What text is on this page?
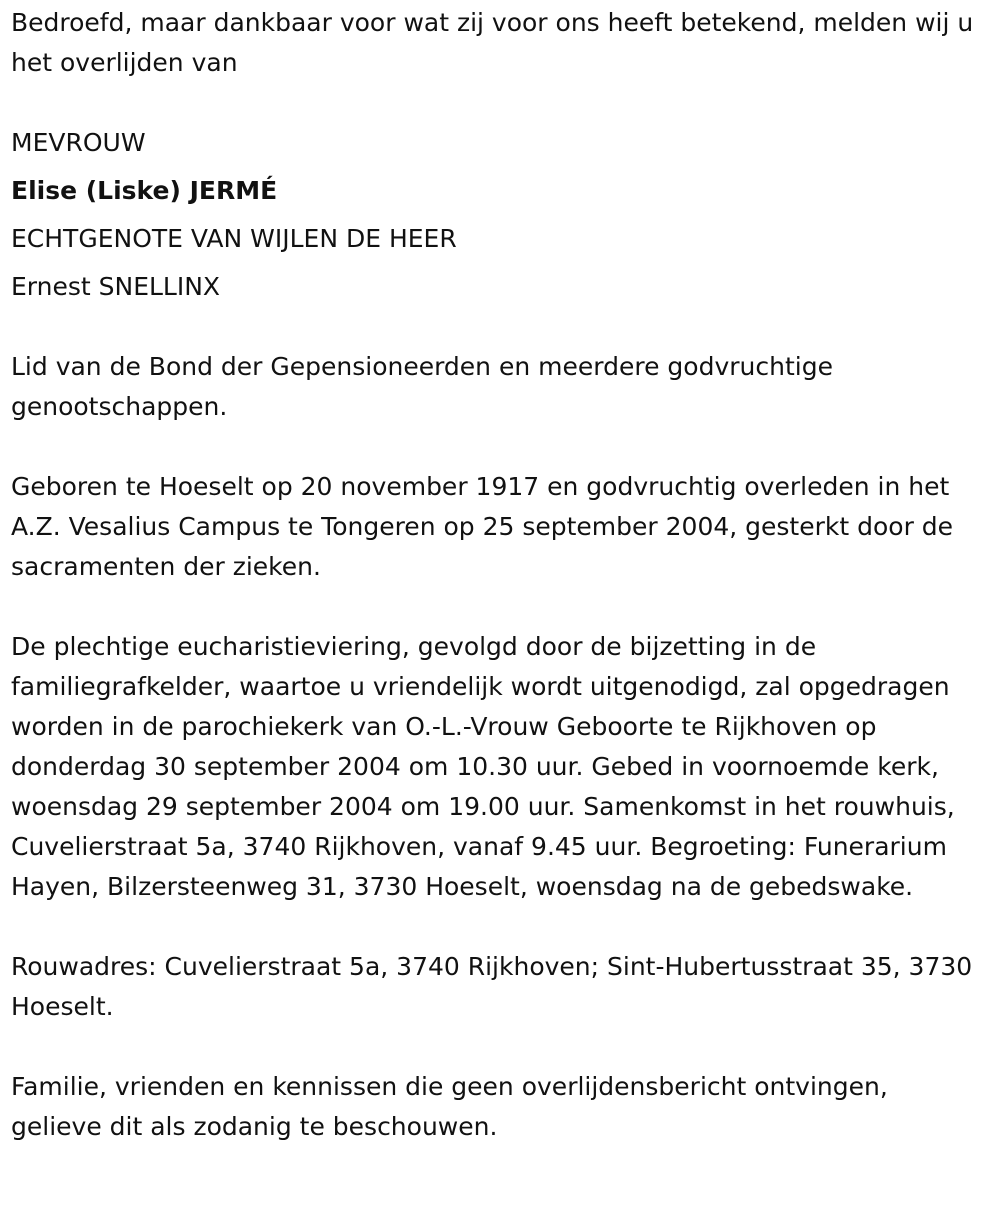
Bedroefd, maar dankbaar voor wat zij voor ons heeft betekend, melden wij u het overlijden van

MEVROUW

Elise (Liske) JERMÉ

ECHTGENOTE VAN WIJLEN DE HEER

Ernest SNELLINX

Lid van de Bond der Gepensioneerden en meerdere godvruchtige genootschappen.

Geboren te Hoeselt op 20 november 1917 en godvruchtig overleden in het A.Z. Vesalius Campus te Tongeren op 25 september 2004, gesterkt door de sacramenten der zieken.

De plechtige eucharistieviering, gevolgd door de bijzetting in de familiegrafkelder, waartoe u vriendelijk wordt uitgenodigd, zal opgedragen worden in de parochiekerk van O.-L.-Vrouw Geboorte te Rijkhoven op donderdag 30 september 2004 om 10.30 uur. Gebed in voornoemde kerk, woensdag 29 september 2004 om 19.00 uur. Samenkomst in het rouwhuis, Cuvelierstraat 5a, 3740 Rijkhoven, vanaf 9.45 uur. Begroeting: Funerarium Hayen, Bilzersteenweg 31, 3730 Hoeselt, woensdag na de gebedswake.

Rouwadres: Cuvelierstraat 5a, 3740 Rijkhoven; Sint-Hubertusstraat 35, 3730 Hoeselt.

Familie, vrienden en kennissen die geen overlijdensbericht ontvingen, gelieve dit als zodanig te beschouwen.
